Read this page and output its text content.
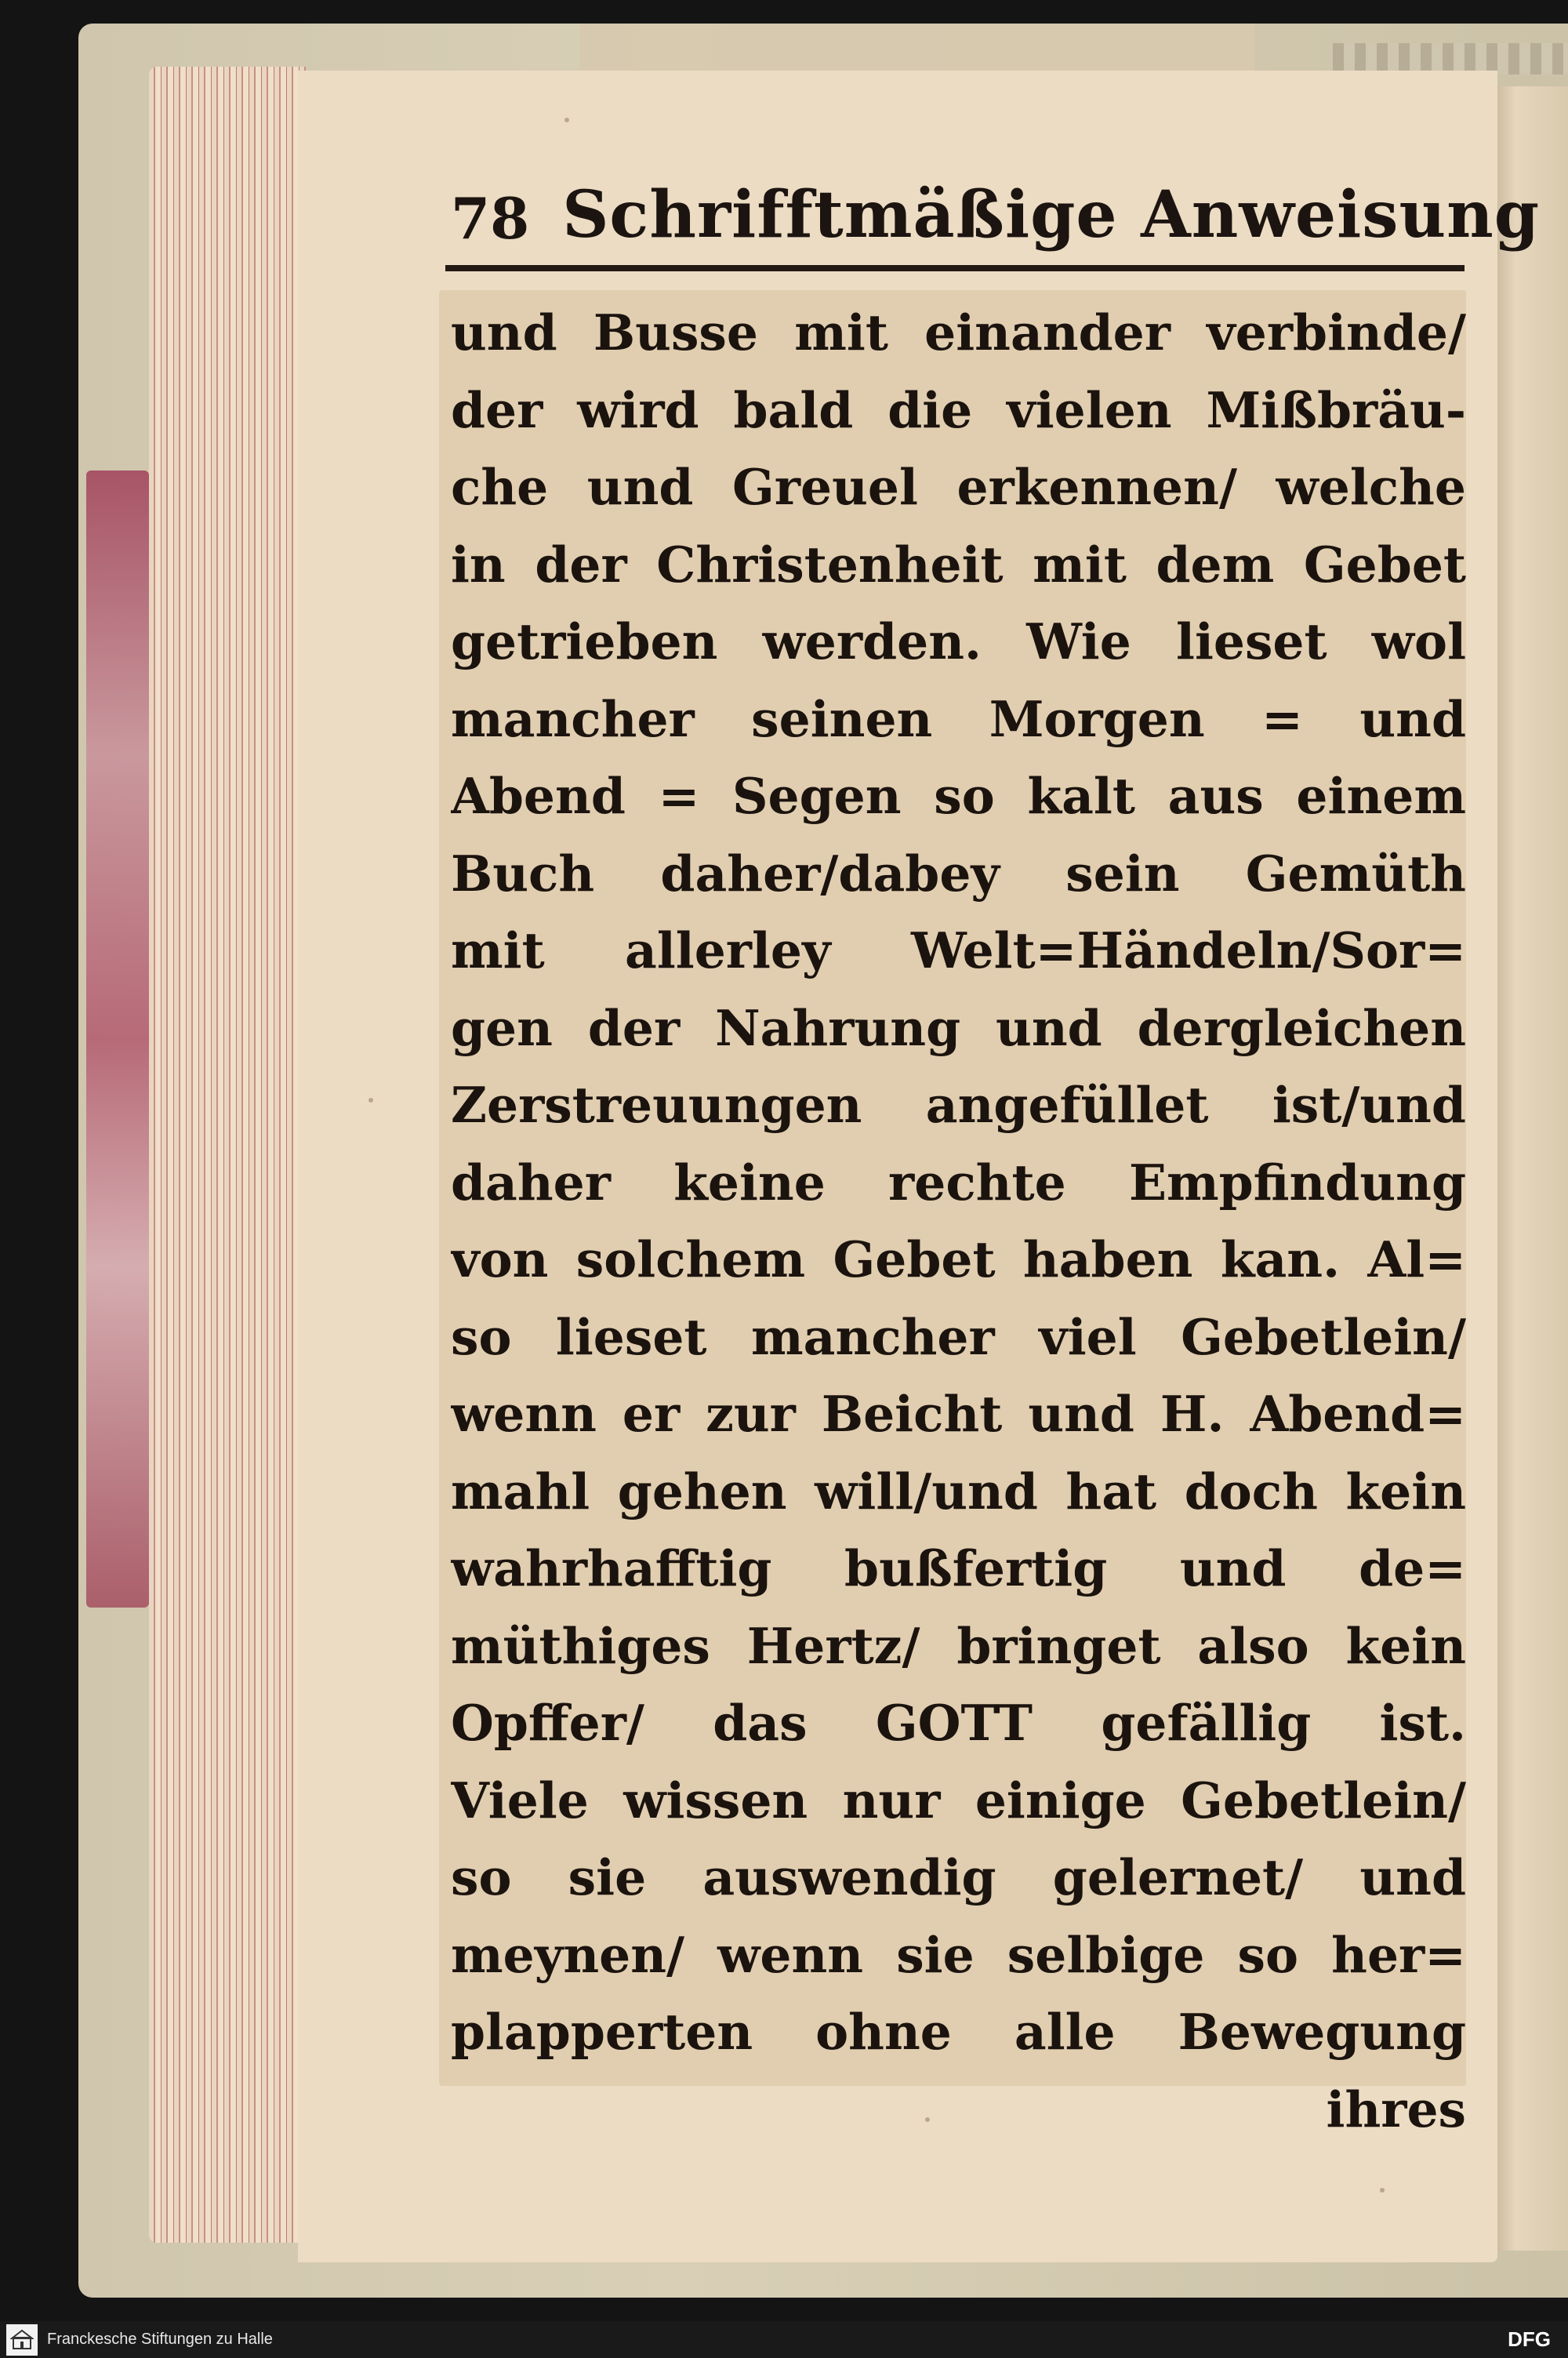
78 Schrifftmäßige Anweisung
und Busse mit einander verbinde/
der wird bald die vielen Mißbräu-
che und Greuel erkennen/ welche
in der Christenheit mit dem Gebet
getrieben werden. Wie lieset wol
mancher seinen Morgen = und
Abend = Segen so kalt aus einem
Buch daher/dabey sein Gemüth
mit allerley Welt=Händeln/Sor=
gen der Nahrung und dergleichen
Zerstreuungen angefüllet ist/und
daher keine rechte Empfindung
von solchem Gebet haben kan. Al=
so lieset mancher viel Gebetlein/
wenn er zur Beicht und H. Abend=
mahl gehen will/und hat doch kein
wahrhafftig bußfertig und de=
müthiges Hertz/ bringet also kein
Opffer/ das GOTT gefällig ist.
Viele wissen nur einige Gebetlein/
so sie auswendig gelernet/ und
meynen/ wenn sie selbige so her=
plapperten ohne alle Bewegung
ihres
Franckesche Stiftungen zu Halle	DFG
